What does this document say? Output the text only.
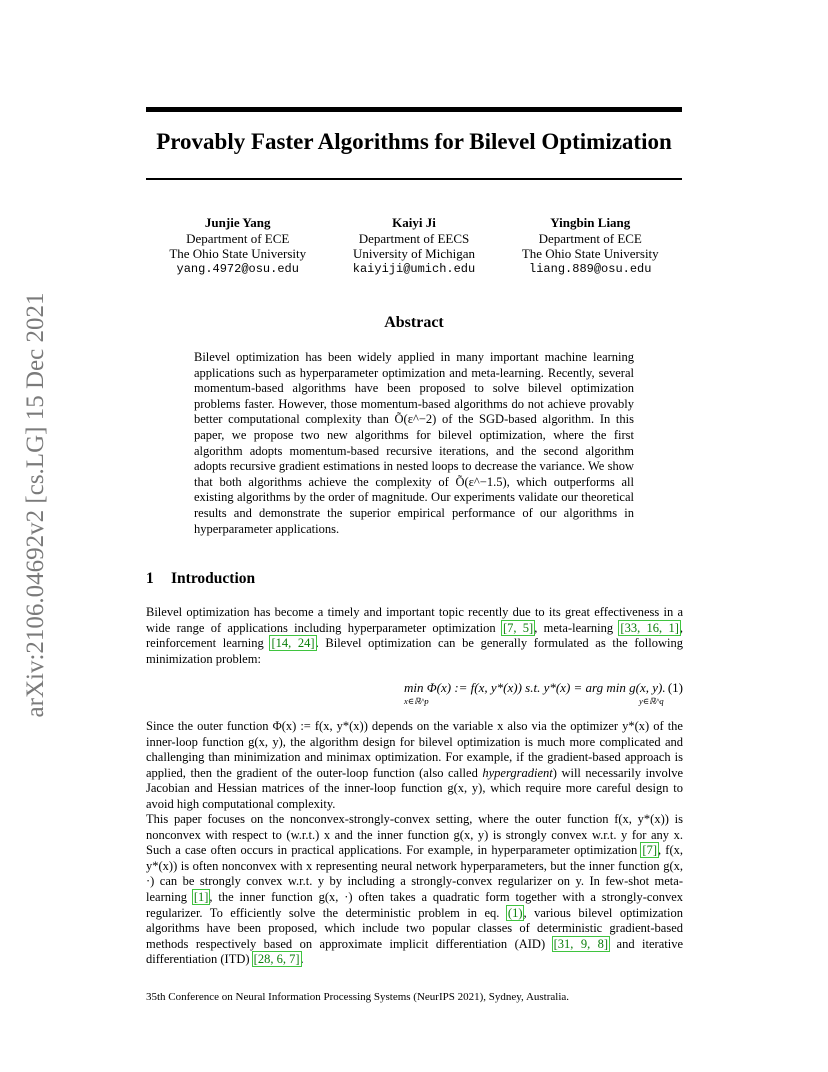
arXiv:2106.04692v2 [cs.LG] 15 Dec 2021
Provably Faster Algorithms for Bilevel Optimization
Junjie Yang
Department of ECE
The Ohio State University
yang.4972@osu.edu
Kaiyi Ji
Department of EECS
University of Michigan
kaiyiji@umich.edu
Yingbin Liang
Department of ECE
The Ohio State University
liang.889@osu.edu
Abstract
Bilevel optimization has been widely applied in many important machine learning applications such as hyperparameter optimization and meta-learning. Recently, several momentum-based algorithms have been proposed to solve bilevel optimization problems faster. However, those momentum-based algorithms do not achieve provably better computational complexity than Õ(ε^−2) of the SGD-based algorithm. In this paper, we propose two new algorithms for bilevel optimization, where the first algorithm adopts momentum-based recursive iterations, and the second algorithm adopts recursive gradient estimations in nested loops to decrease the variance. We show that both algorithms achieve the complexity of Õ(ε^−1.5), which outperforms all existing algorithms by the order of magnitude. Our experiments validate our theoretical results and demonstrate the superior empirical performance of our algorithms in hyperparameter applications.
1 Introduction

Bilevel optimization has become a timely and important topic recently due to its great effectiveness in a wide range of applications including hyperparameter optimization [7, 5], meta-learning [33, 16, 1], reinforcement learning [14, 24]. Bilevel optimization can be generally formulated as the following minimization problem:

min Φ(x) := f(x, y*(x)) s.t. y*(x) = arg min g(x, y).
x∈ℝ^p	y∈ℝ^q
(1)

Since the outer function Φ(x) := f(x, y*(x)) depends on the variable x also via the optimizer y*(x) of the inner-loop function g(x, y), the algorithm design for bilevel optimization is much more complicated and challenging than minimization and minimax optimization. For example, if the gradient-based approach is applied, then the gradient of the outer-loop function (also called hypergradient) will necessarily involve Jacobian and Hessian matrices of the inner-loop function g(x, y), which require more careful design to avoid high computational complexity.

This paper focuses on the nonconvex-strongly-convex setting, where the outer function f(x, y*(x)) is nonconvex with respect to (w.r.t.) x and the inner function g(x, y) is strongly convex w.r.t. y for any x. Such a case often occurs in practical applications. For example, in hyperparameter optimization [7], f(x, y*(x)) is often nonconvex with x representing neural network hyperparameters, but the inner function g(x, ·) can be strongly convex w.r.t. y by including a strongly-convex regularizer on y. In few-shot meta-learning [1], the inner function g(x, ·) often takes a quadratic form together with a strongly-convex regularizer. To efficiently solve the deterministic problem in eq. (1), various bilevel optimization algorithms have been proposed, which include two popular classes of deterministic gradient-based methods respectively based on approximate implicit differentiation (AID) [31, 9, 8] and iterative differentiation (ITD) [28, 6, 7].

35th Conference on Neural Information Processing Systems (NeurIPS 2021), Sydney, Australia.
